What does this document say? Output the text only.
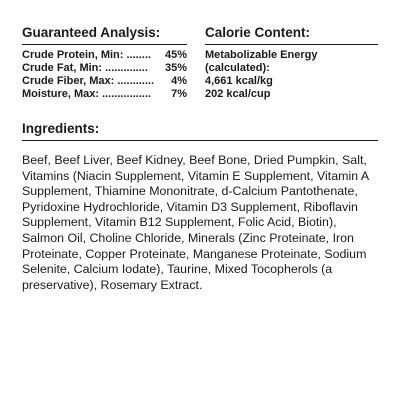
Guaranteed Analysis:
Crude Protein, Min: ........ 45%
Crude Fat, Min: .............. 35%
Crude Fiber, Max: ............ 4%
Moisture, Max: ................ 7%
Calorie Content:
Metabolizable Energy
(calculated):
4,661 kcal/kg
202 kcal/cup
Ingredients:
Beef, Beef Liver, Beef Kidney, Beef Bone, Dried Pumpkin, Salt, Vitamins (Niacin Supplement, Vitamin E Supplement, Vitamin A Supplement, Thiamine Mononitrate, d-Calcium Pantothenate, Pyridoxine Hydrochloride, Vitamin D3 Supplement, Riboflavin Supplement, Vitamin B12 Supplement, Folic Acid, Biotin), Salmon Oil, Choline Chloride, Minerals (Zinc Proteinate, Iron Proteinate, Copper Proteinate, Manganese Proteinate, Sodium Selenite, Calcium Iodate), Taurine, Mixed Tocopherols (a preservative), Rosemary Extract.
